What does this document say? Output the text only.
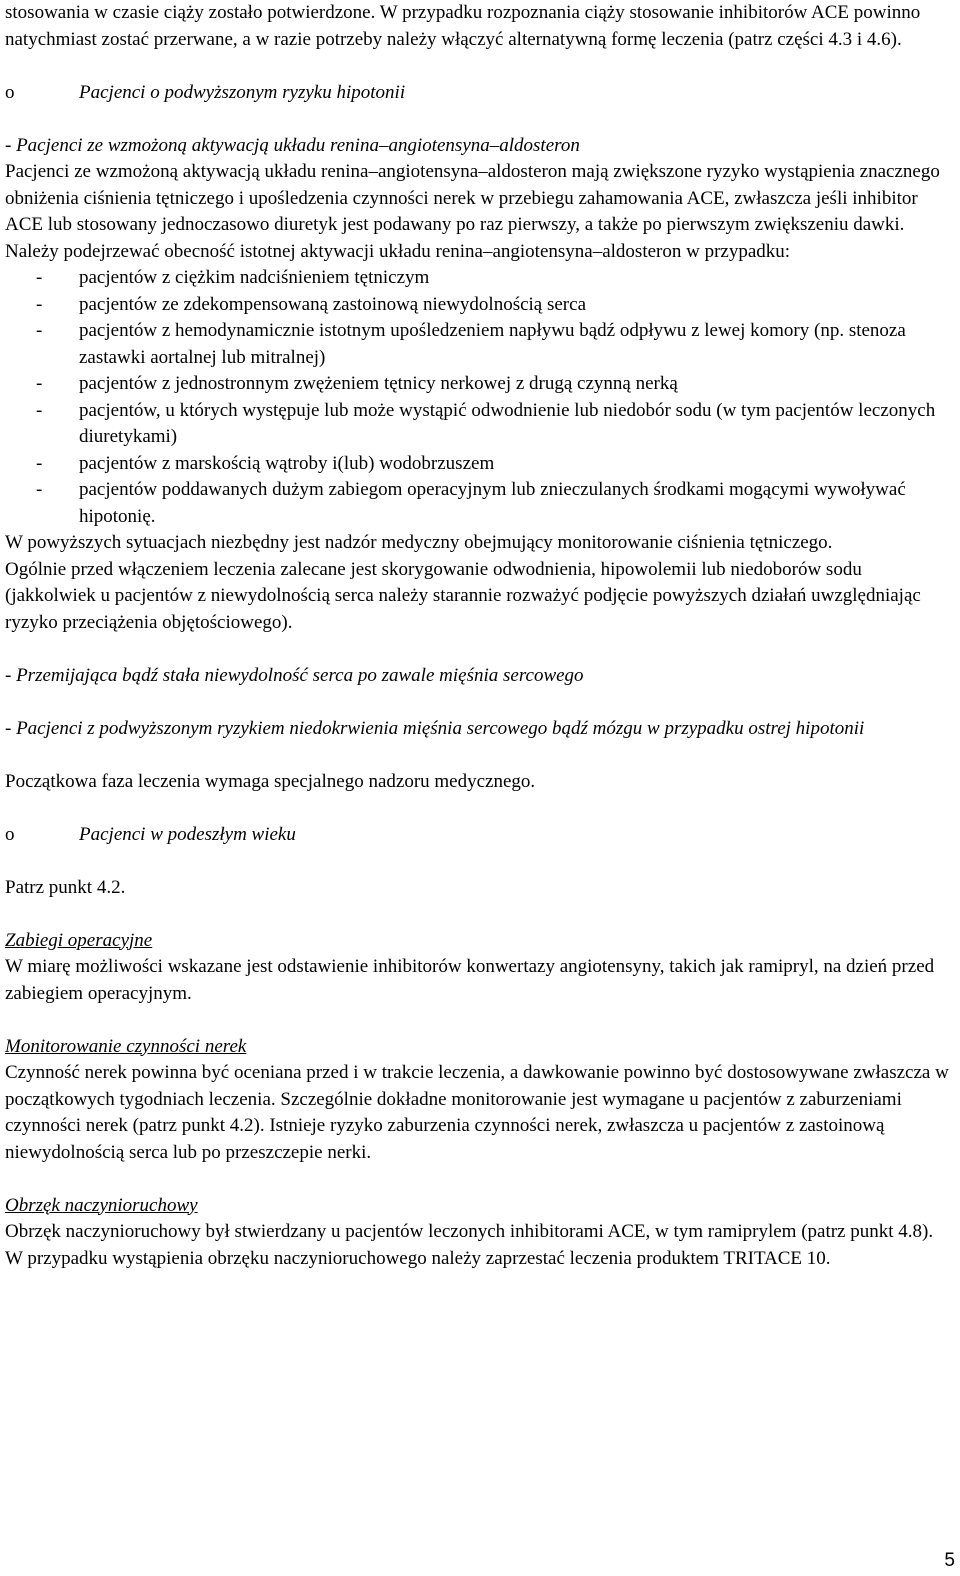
stosowania w czasie ciąży zostało potwierdzone. W przypadku rozpoznania ciąży stosowanie inhibitorów ACE powinno natychmiast zostać przerwane, a w razie potrzeby należy włączyć alternatywną formę leczenia (patrz części 4.3 i 4.6).

o	Pacjenci o podwyższonym ryzyku hipotonii

- Pacjenci ze wzmożoną aktywacją układu renina–angiotensyna–aldosteron

Pacjenci ze wzmożoną aktywacją układu renina–angiotensyna–aldosteron mają zwiększone ryzyko wystąpienia znacznego obniżenia ciśnienia tętniczego i upośledzenia czynności nerek w przebiegu zahamowania ACE, zwłaszcza jeśli inhibitor ACE lub stosowany jednoczasowo diuretyk jest podawany po raz pierwszy, a także po pierwszym zwiększeniu dawki.

Należy podejrzewać obecność istotnej aktywacji układu renina–angiotensyna–aldosteron w przypadku:

-	pacjentów z ciężkim nadciśnieniem tętniczym
-	pacjentów ze zdekompensowaną zastoinową niewydolnością serca
-	pacjentów z hemodynamicznie istotnym upośledzeniem napływu bądź odpływu z lewej komory (np. stenoza zastawki aortalnej lub mitralnej)
-	pacjentów z jednostronnym zwężeniem tętnicy nerkowej z drugą czynną nerką
-	pacjentów, u których występuje lub może wystąpić odwodnienie lub niedobór sodu (w tym pacjentów leczonych diuretykami)
-	pacjentów z marskością wątroby i(lub) wodobrzuszem
-	pacjentów poddawanych dużym zabiegom operacyjnym lub znieczulanych środkami mogącymi wywoływać hipotonię.

W powyższych sytuacjach niezbędny jest nadzór medyczny obejmujący monitorowanie ciśnienia tętniczego.

Ogólnie przed włączeniem leczenia zalecane jest skorygowanie odwodnienia, hipowolemii lub niedoborów sodu (jakkolwiek u pacjentów z niewydolnością serca należy starannie rozważyć podjęcie powyższych działań uwzględniając ryzyko przeciążenia objętościowego).

- Przemijająca bądź stała niewydolność serca po zawale mięśnia sercowego

- Pacjenci z podwyższonym ryzykiem niedokrwienia mięśnia sercowego bądź mózgu w przypadku ostrej hipotonii

Początkowa faza leczenia wymaga specjalnego nadzoru medycznego.

o	Pacjenci w podeszłym wieku

Patrz punkt 4.2.

Zabiegi operacyjne

W miarę możliwości wskazane jest odstawienie inhibitorów konwertazy angiotensyny, takich jak ramipryl, na dzień przed zabiegiem operacyjnym.

Monitorowanie czynności nerek

Czynność nerek powinna być oceniana przed i w trakcie leczenia, a dawkowanie powinno być dostosowywane zwłaszcza w początkowych tygodniach leczenia. Szczególnie dokładne monitorowanie jest wymagane u pacjentów z zaburzeniami czynności nerek (patrz punkt 4.2). Istnieje ryzyko zaburzenia czynności nerek, zwłaszcza u pacjentów z zastoinową niewydolnością serca lub po przeszczepie nerki.

Obrzęk naczynioruchowy

Obrzęk naczynioruchowy był stwierdzany u pacjentów leczonych inhibitorami ACE, w tym ramiprylem (patrz punkt 4.8). W przypadku wystąpienia obrzęku naczynioruchowego należy zaprzestać leczenia produktem TRITACE 10.

5
